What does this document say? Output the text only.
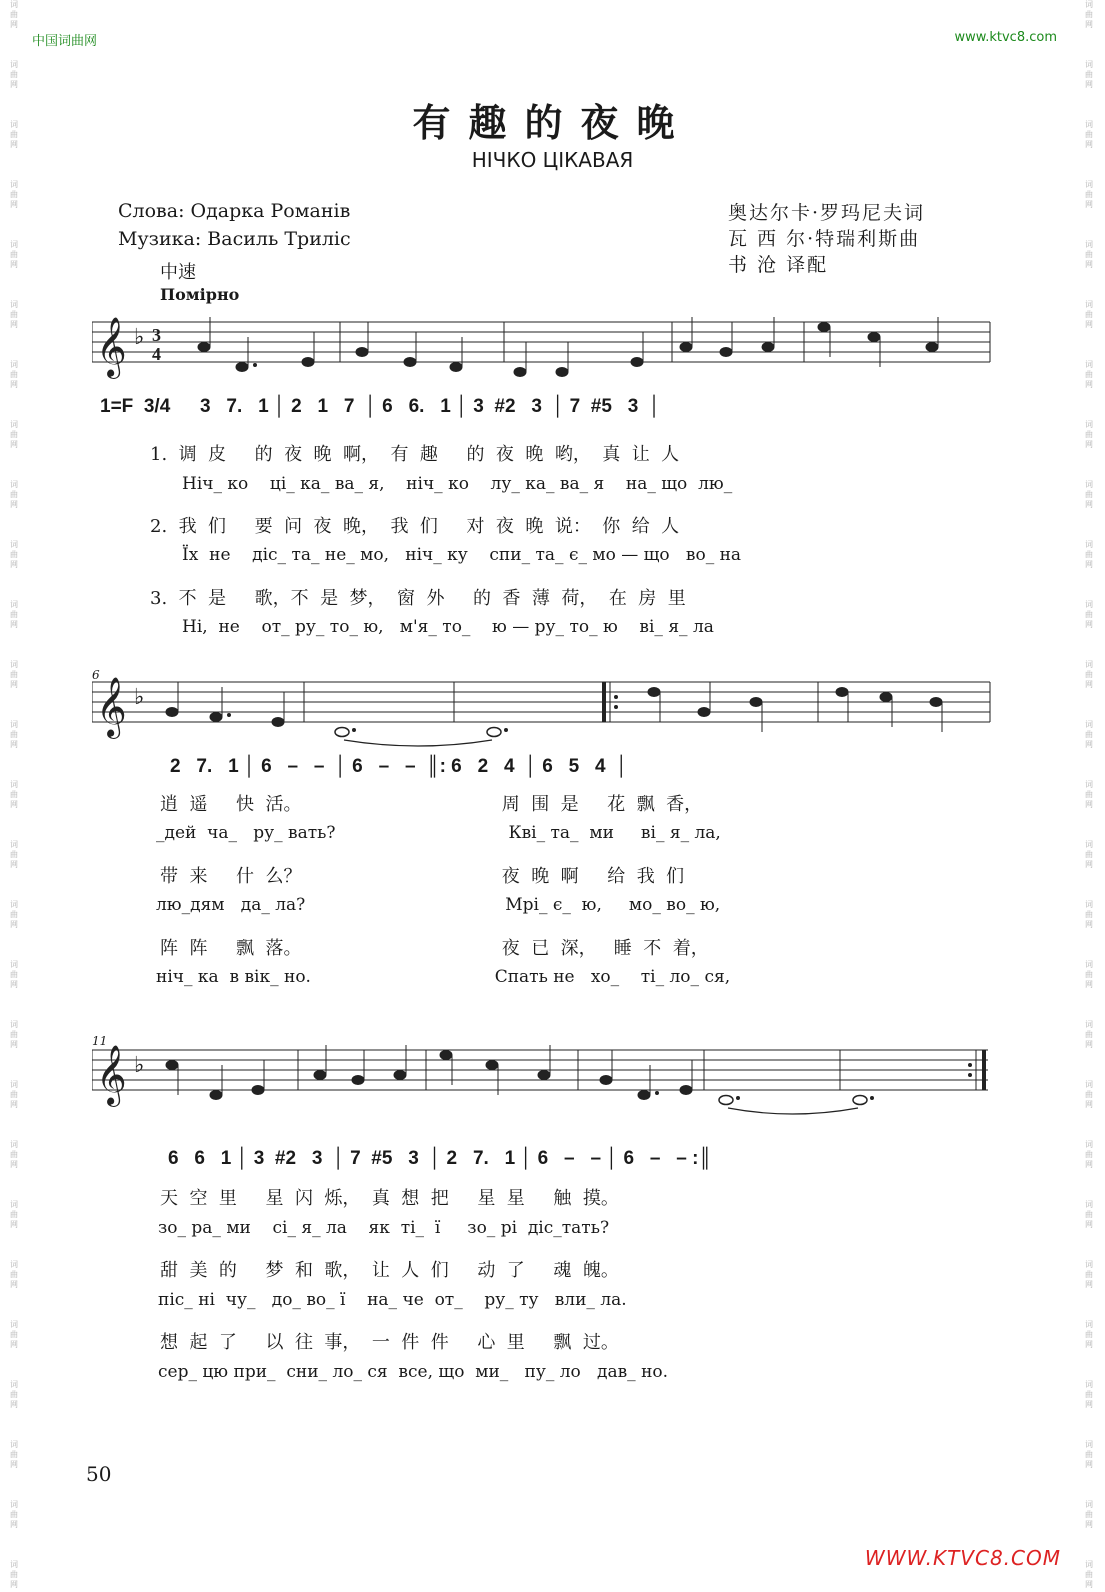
词
曲
网
词
曲
网
词
曲
网
词
曲
网
词
曲
网
词
曲
网
词
曲
网
词
曲
网
词
曲
网
词
曲
网
词
曲
网
词
曲
网
词
曲
网
词
曲
网
词
曲
网
词
曲
网
词
曲
网
词
曲
网
词
曲
网
词
曲
网
词
曲
网
词
曲
网
词
曲
网
词
曲
网
词
曲
网
词
曲
网
词
曲
网
词
曲
网
词
曲
网
词
曲
网
词
曲
网
词
曲
网
词
曲
网
词
曲
网
词
曲
网
词
曲
网
词
曲
网
词
曲
网
词
曲
网
词
曲
网
词
曲
网
词
曲
网
词
曲
网
词
曲
网
词
曲
网
词
曲
网
词
曲
网
词
曲
网
词
曲
网
词
曲
网
词
曲
网
词
曲
网
词
曲
网
词
曲
网
中国词曲网	www.ktvc8.com
有趣的夜晚
НІЧКО ЦІКАВАЯ
Слова: Одарка Романів
Музика: Василь Триліс
奥达尔卡·罗玛尼夫词
瓦 西 尔·特瑞利斯曲
书 沧 译配
中速
Помірно
𝄞 ♭ 3
4
1=F 3/4 3   7.   1 │ 2   1   7  │ 6   6.   1 │ 3  #2   3  │ 7  #5   3  │
1.  调  皮     的  夜  晚  啊，  有  趣     的  夜  晚  哟，  真  让  人
Ніч_ ко    ці_ ка_ ва_ я,    ніч_ ко    лу_ ка_ ва_ я    на_ що  лю_
2.  我  们     要  问  夜  晚，  我  们     对  夜  晚  说：  你  给  人
Їх  не    діс_ та_ не_ мо,   ніч_ ку    спи_ та_ є_ мо — що   во_ на
3.  不  是     歌，不  是  梦，  窗  外     的  香  薄  荷，  在  房  里
Ні,  не    от_ ру_ то_ ю,   м'я_ то_    ю — ру_ то_ ю    ві_ я_ ла
6
𝄞 ♭
2   7.   1 │ 6   –   –  │ 6   –   –  ║: 6   2   4  │ 6   5   4  │
逍  遥     快  活。                                   周  围  是     花  飘  香，
_дей  ча_   ру_ вать?                                Кві_ та_  ми     ві_ я_ ла,
带  来     什  么？                                   夜  晚  啊     给  我  们
лю_дям   да_ ла?                                     Мрі_ є_  ю,     мо_ во_ ю,
阵  阵     飘  落。                                   夜  已  深，   睡  不  着，
ніч_ ка  в вік_ но.                                  Спать не   хо_    ті_ ло_ ся,
11
𝄞 ♭
6   6   1 │ 3  #2   3  │ 7  #5   3  │ 2   7.   1 │ 6   –   – │ 6   –   – :║
天  空  里     星  闪  烁，  真  想  把     星  星     触  摸。
зо_ ра_ ми    сі_ я_ ла    як  ті_  ї     зо_ рі  діс_тать?
甜  美  的     梦  和  歌，  让  人  们     动  了     魂  魄。
піс_ ні  чу_   до_ во_ ї    на_ че  от_    ру_ ту   вли_ ла.
想  起  了     以  往  事，  一  件  件     心  里     飘  过。
сер_ цю при_  сни_ ло_ ся  все, що  ми_   пу_ ло   дав_ но.
50
WWW.KTVC8.COM
